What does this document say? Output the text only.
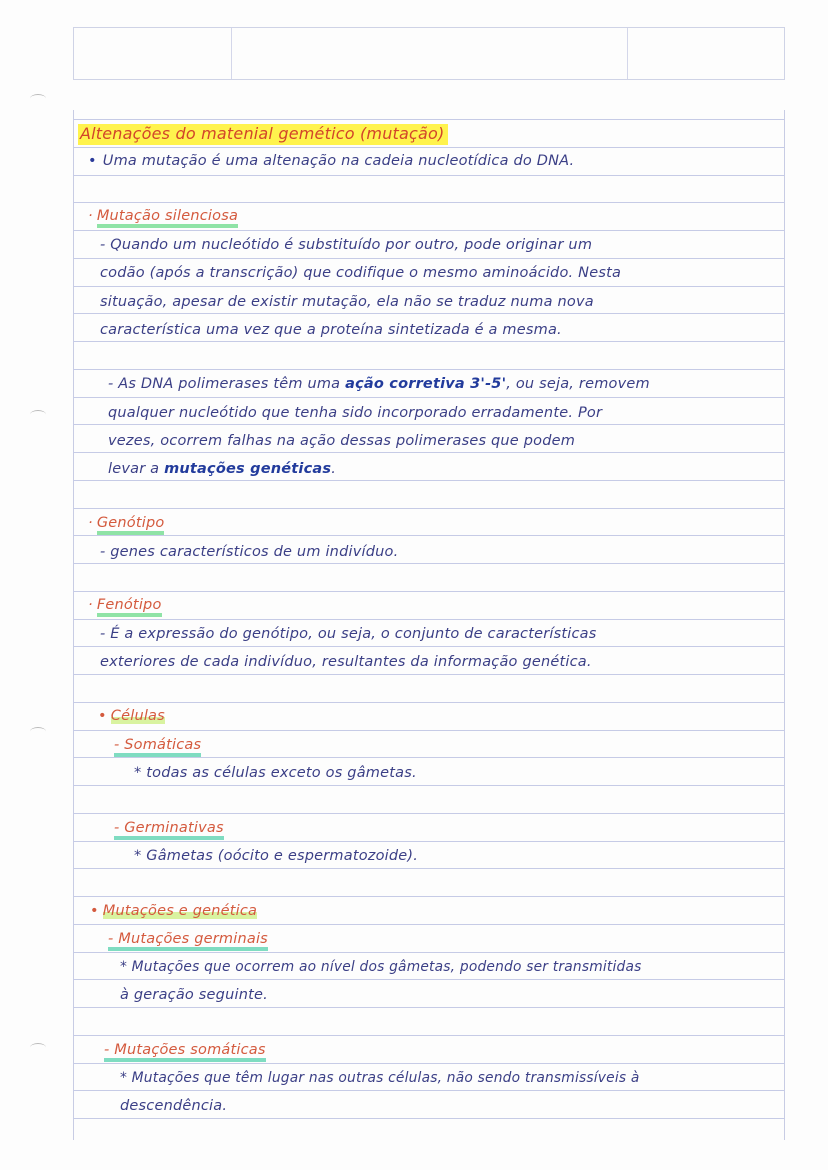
Altenações do matenial gemético (mutação)
• Uma mutação é uma altenação na cadeia nucleotídica do DNA.
· Mutação silenciosa
- Quando um nucleótido é substituído por outro, pode originar um
codão (após a transcrição) que codifique o mesmo aminoácido. Nesta
situação, apesar de existir mutação, ela não se traduz numa nova
característica uma vez que a proteína sintetizada é a mesma.
- As DNA polimerases têm uma ação corretiva 3'-5', ou seja, removem
qualquer nucleótido que tenha sido incorporado erradamente. Por
vezes, ocorrem falhas na ação dessas polimerases que podem
levar a mutações genéticas.
· Genótipo
- genes característicos de um indivíduo.
· Fenótipo
- É a expressão do genótipo, ou seja, o conjunto de características
exteriores de cada indivíduo, resultantes da informação genética.
• Células
- Somáticas
* todas as células exceto os gâmetas.
- Germinativas
* Gâmetas (oócito e espermatozoide).
• Mutações e genética
- Mutações germinais
* Mutações que ocorrem ao nível dos gâmetas, podendo ser transmitidas
à geração seguinte.
- Mutações somáticas
* Mutações que têm lugar nas outras células, não sendo transmissíveis à
descendência.
